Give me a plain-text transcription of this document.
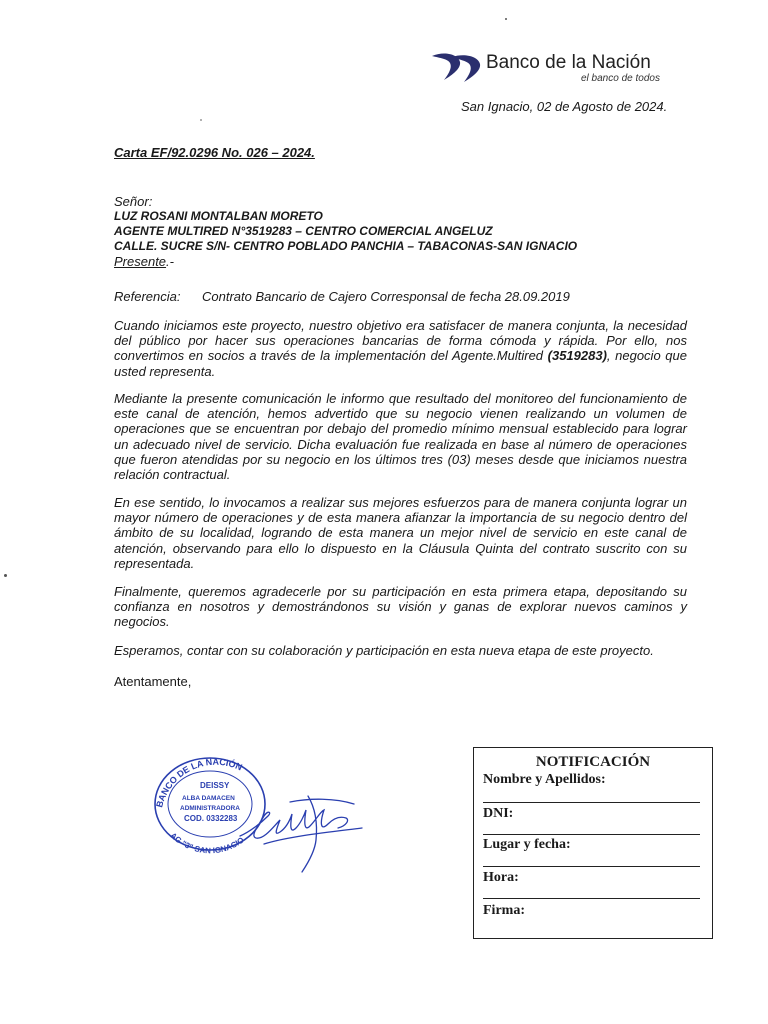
Banco de la Nación
el banco de todos
San Ignacio, 02 de Agosto de 2024.
Carta EF/92.0296 No. 026 – 2024.
Señor:
LUZ ROSANI MONTALBAN MORETO
AGENTE MULTIRED N°3519283 – CENTRO COMERCIAL ANGELUZ
CALLE. SUCRE S/N- CENTRO POBLADO PANCHIA – TABACONAS-SAN IGNACIO
Presente.-
Referencia: Contrato Bancario de Cajero Corresponsal de fecha 28.09.2019
Cuando iniciamos este proyecto, nuestro objetivo era satisfacer de manera conjunta, la necesidad del público por hacer sus operaciones bancarias de forma cómoda y rápida. Por ello, nos convertimos en socios a través de la implementación del Agente.Multired (3519283), negocio que usted representa.
Mediante la presente comunicación le informo que resultado del monitoreo del funcionamiento de este canal de atención, hemos advertido que su negocio vienen realizando un volumen de operaciones que se encuentran por debajo del promedio mínimo mensual establecido para lograr un adecuado nivel de servicio. Dicha evaluación fue realizada en base al número de operaciones que fueron atendidas por su negocio en los últimos tres (03) meses desde que iniciamos nuestra relación contractual.
En ese sentido, lo invocamos a realizar sus mejores esfuerzos para de manera conjunta lograr un mayor número de operaciones y de esta manera afianzar la importancia de su negocio dentro del ámbito de su localidad, logrando de esta manera un mejor nivel de servicio en este canal de atención, observando para ello lo dispuesto en la Cláusula Quinta del contrato suscrito con su representada.
Finalmente, queremos agradecerle por su participación en esta primera etapa, depositando su confianza en nosotros y demostrándonos su visión y ganas de explorar nuevos caminos y negocios.
Esperamos, contar con su colaboración y participación en esta nueva etapa de este proyecto.
Atentamente,
BANCO DE LA NACIÓN
AG "3" SAN IGNACIO
DEISSY
ALBA DAMACEN
ADMINISTRADORA
COD. 0332283
NOTIFICACIÓN
Nombre y Apellidos:
DNI:
Lugar y fecha:
Hora:
Firma:
